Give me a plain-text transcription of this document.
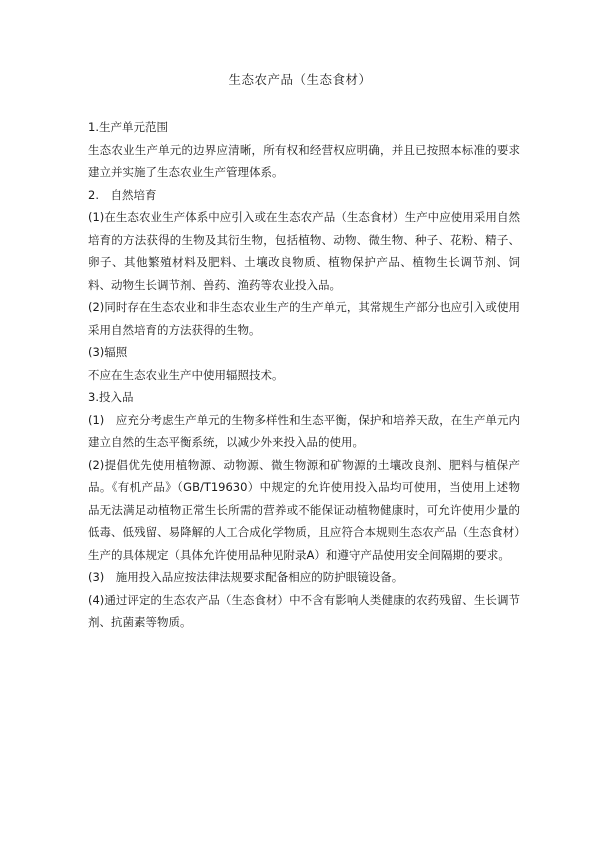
生态农产品（生态食材）

1.生产单元范围

生态农业生产单元的边界应清晰，所有权和经营权应明确，并且已按照本标准的要求建立并实施了生态农业生产管理体系。

2.　自然培育

(1)在生态农业生产体系中应引入或在生态农产品（生态食材）生产中应使用采用自然培育的方法获得的生物及其衍生物，包括植物、动物、微生物、种子、花粉、精子、卵子、其他繁殖材料及肥料、土壤改良物质、植物保护产品、植物生长调节剂、饲料、动物生长调节剂、兽药、渔药等农业投入品。

(2)同时存在生态农业和非生态农业生产的生产单元，其常规生产部分也应引入或使用采用自然培育的方法获得的生物。

(3)辐照

不应在生态农业生产中使用辐照技术。

3.投入品

(1)　应充分考虑生产单元的生物多样性和生态平衡，保护和培养天敌，在生产单元内建立自然的生态平衡系统，以减少外来投入品的使用。

(2)提倡优先使用植物源、动物源、微生物源和矿物源的土壤改良剂、肥料与植保产品。《有机产品》（GB/T19630）中规定的允许使用投入品均可使用，当使用上述物品无法满足动植物正常生长所需的营养或不能保证动植物健康时，可允许使用少量的低毒、低残留、易降解的人工合成化学物质，且应符合本规则生态农产品（生态食材）生产的具体规定（具体允许使用品种见附录A）和遵守产品使用安全间隔期的要求。

(3)　施用投入品应按法律法规要求配备相应的防护眼镜设备。

(4)通过评定的生态农产品（生态食材）中不含有影响人类健康的农药残留、生长调节剂、抗菌素等物质。
